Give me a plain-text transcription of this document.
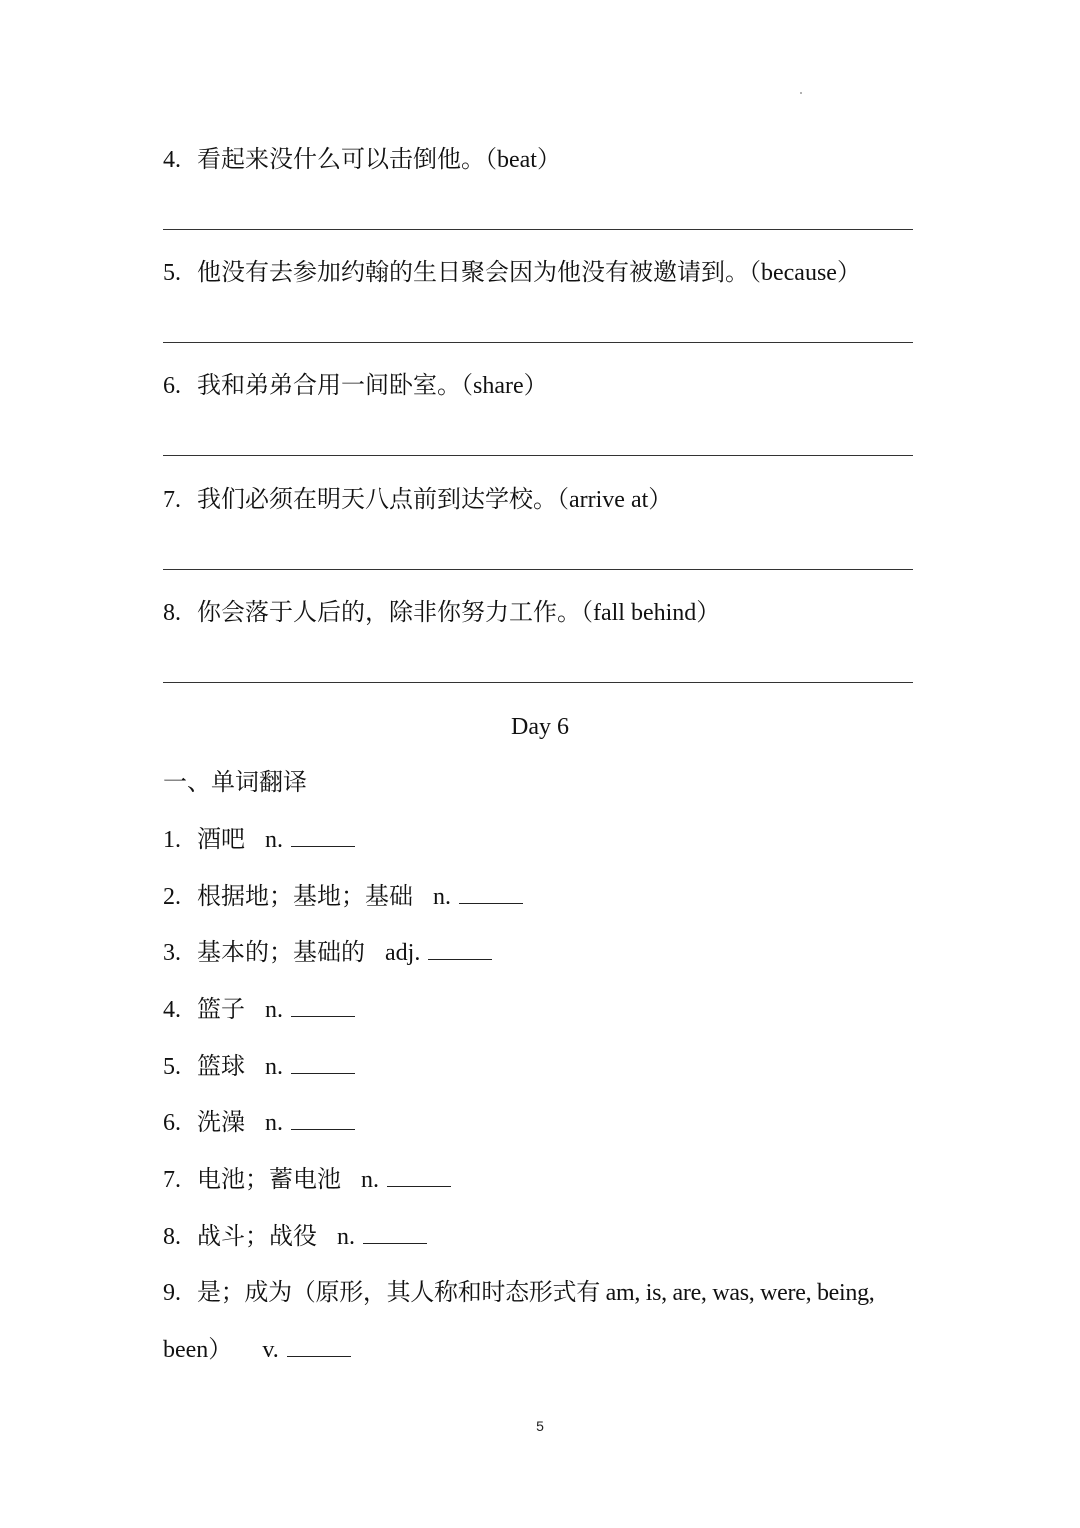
4. 看起来没什么可以击倒他。（beat）
5. 他没有去参加约翰的生日聚会因为他没有被邀请到。（because）
6. 我和弟弟合用一间卧室。（share）
7. 我们必须在明天八点前到达学校。（arrive at）
8. 你会落于人后的，除非你努力工作。（fall behind）
Day 6
一、单词翻译
1. 酒吧 n.
2. 根据地；基地；基础 n.
3. 基本的；基础的 adj.
4. 篮子 n.
5. 篮球 n.
6. 洗澡 n.
7. 电池；蓄电池 n.
8. 战斗；战役 n.
9. 是；成为（原形，其人称和时态形式有 am, is, are, was, were, being,
been） v.
5
